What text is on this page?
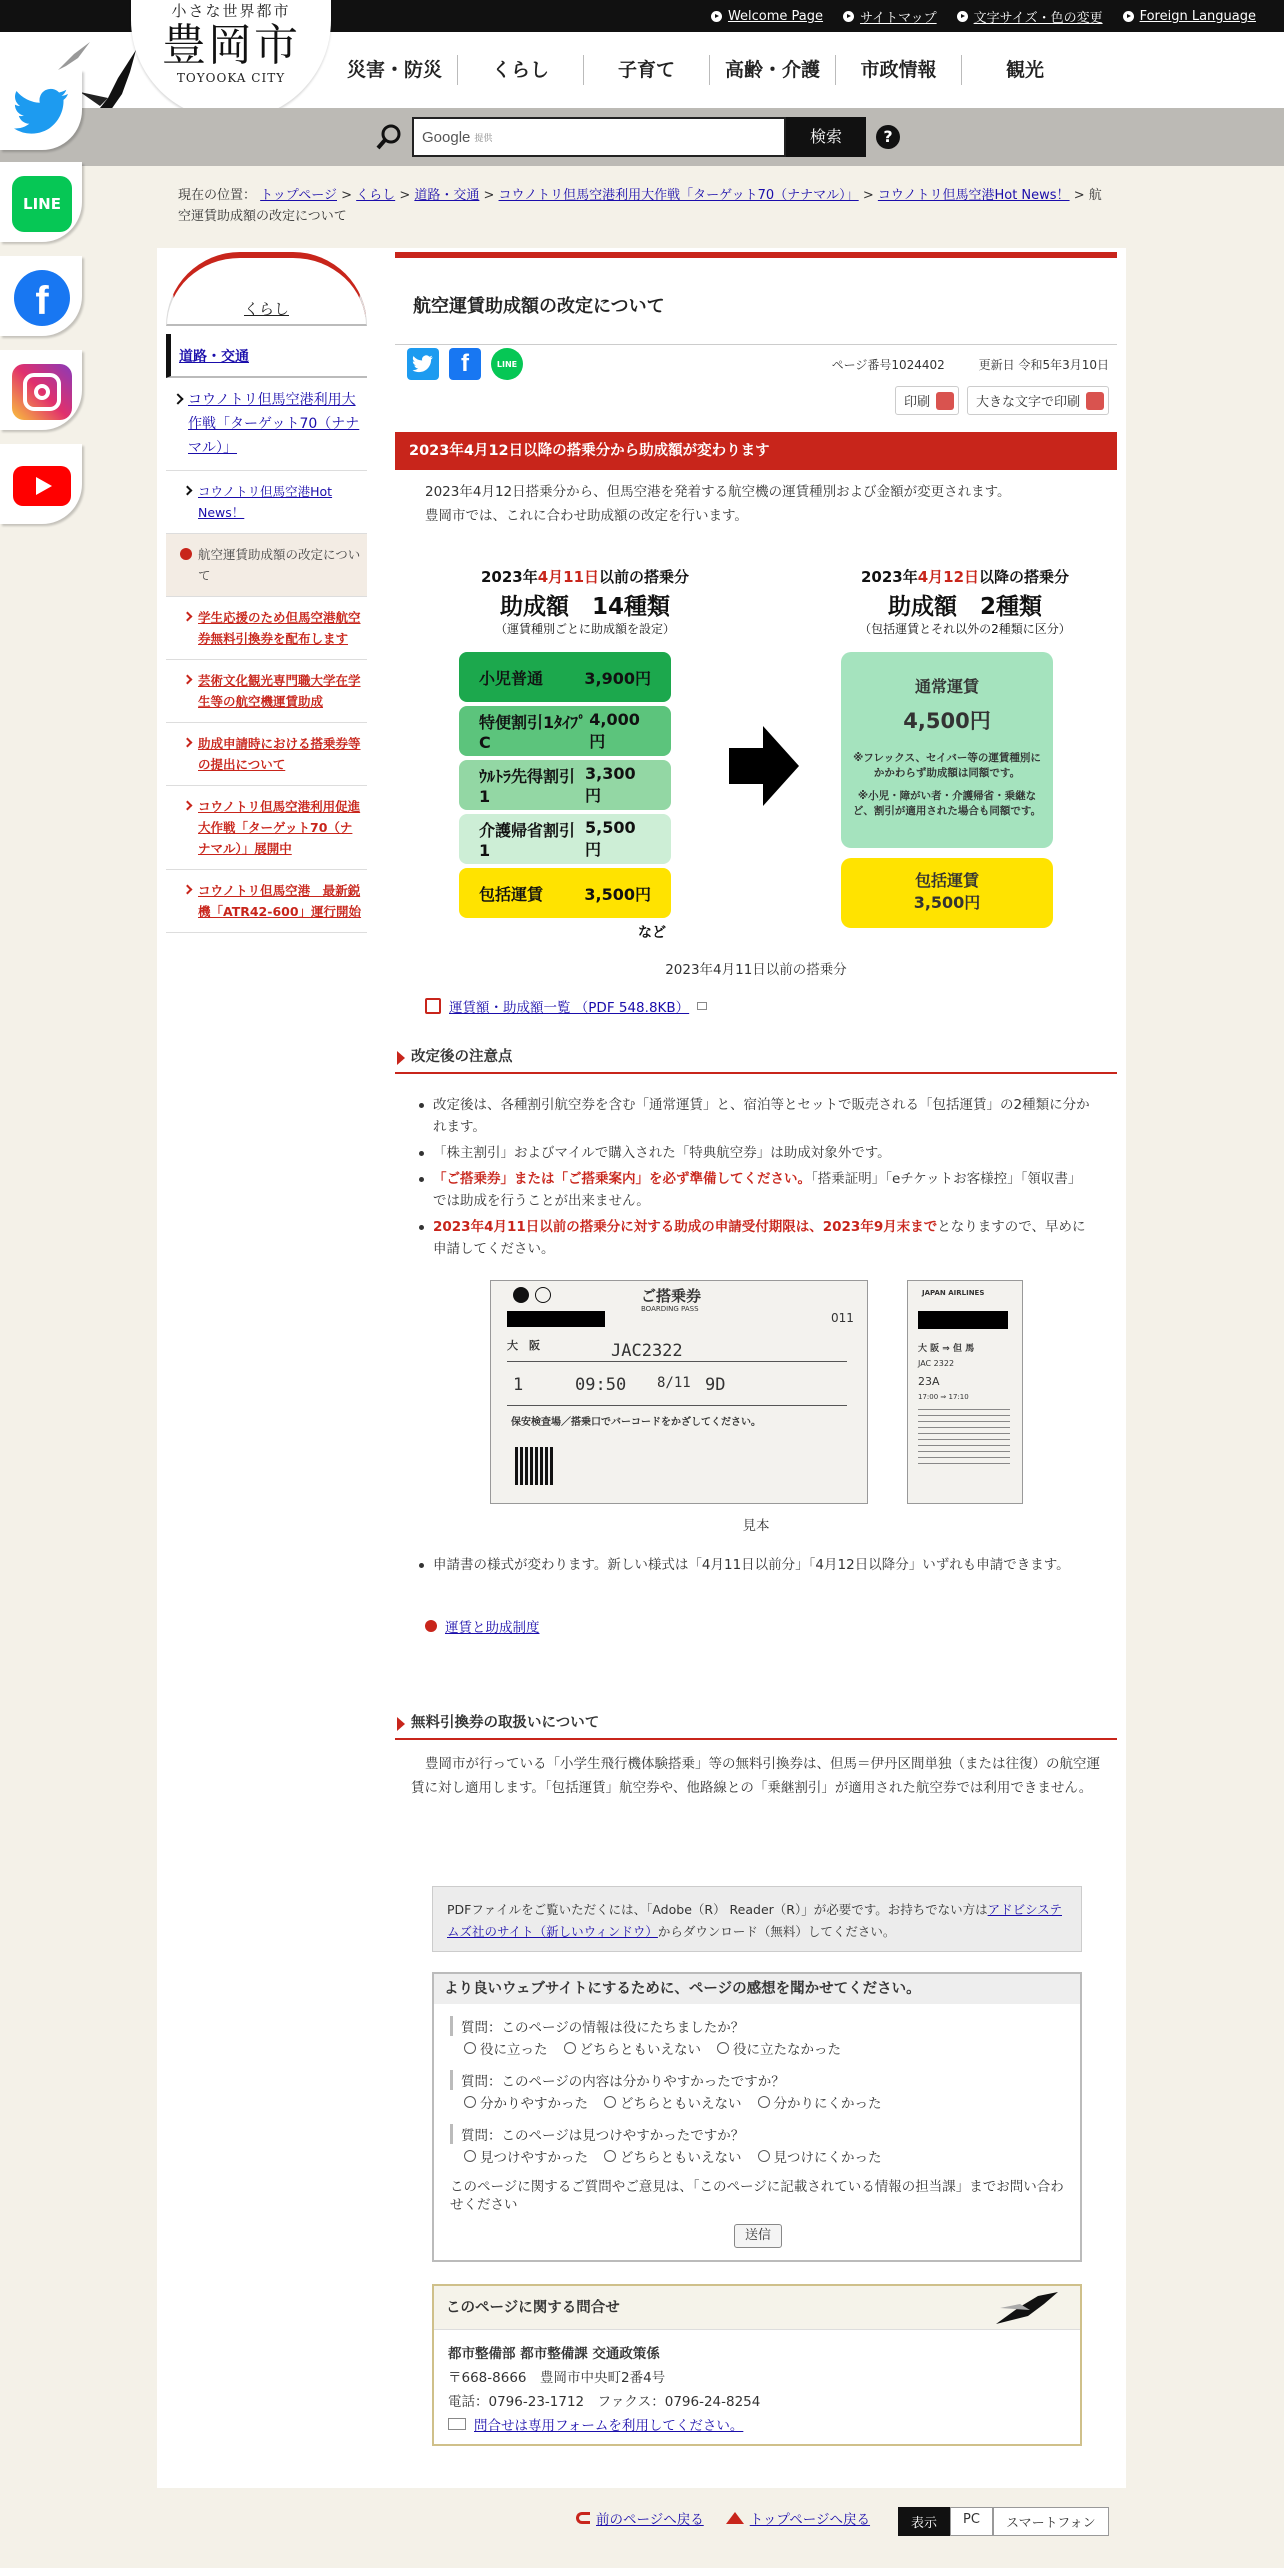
Welcome Page	サイトマップ	文字サイズ・色の変更	Foreign Language
小さな世界都市
豊岡市
TOYOOKA CITY	災害・防災	くらし	子育て	高齢・介護	市政情報	観光
Google 提供	検索	?
LINE
f
現在の位置： トップページ > くらし > 道路・交通 > コウノトリ但馬空港利用大作戦「ターゲット70（ナナマル）」 > コウノトリ但馬空港Hot News！ > 航空運賃助成額の改定について
くらし
道路・交通
コウノトリ但馬空港利用大作戦「ターゲット70（ナナマル）」
コウノトリ但馬空港Hot News！
航空運賃助成額の改定について
学生応援のため但馬空港航空券無料引換券を配布します
芸術文化観光専門職大学在学生等の航空機運賃助成
助成申請時における搭乗券等の提出について
コウノトリ但馬空港利用促進大作戦「ターゲット70（ナナマル）」展開中
コウノトリ但馬空港　最新鋭機「ATR42-600」運行開始
航空運賃助成額の改定について
f	LINE	ページ番号1024402	更新日 令和5年3月10日
印刷	大きな文字で印刷
2023年4月12日以降の搭乗分から助成額が変わります
2023年4月12日搭乗分から、但馬空港を発着する航空機の運賃種別および金額が変更されます。
豊岡市では、これに合わせ助成額の改定を行います。
2023年4月11日以前の搭乗分
助成額　14種類
（運賃種別ごとに助成額を設定）
小児普通	3,900円
特便割引1ﾀｲﾌﾟC
4,000円
ｳﾙﾄﾗ先得割引1
3,300円
介護帰省割引1
5,500円
包括運賃	3,500円
など
2023年4月12日以降の搭乗分
助成額　2種類
（包括運賃とそれ以外の2種類に区分）
通常運賃
4,500円
※フレックス、セイバー等の運賃種別にかかわらず助成額は同額です。
※小児・障がい者・介護帰省・乗継など、割引が適用された場合も同額です。
包括運賃
3,500円
2023年4月11日以前の搭乗分
運賃額・助成額一覧 （PDF 548.8KB）
改定後の注意点
改定後は、各種割引航空券を含む「通常運賃」と、宿泊等とセットで販売される「包括運賃」の2種類に分かれます。
「株主割引」およびマイルで購入された「特典航空券」は助成対象外です。
「ご搭乗券」または「ご搭乗案内」を必ず準備してください。「搭乗証明」「eチケットお客様控」「領収書」では助成を行うことが出来ません。
2023年4月11日以前の搭乗分に対する助成の申請受付期限は、2023年9月末までとなりますので、早めに申請してください。
ご搭乗券
BOARDING PASS
011
大　阪	JAC2322
1	09:50 8/11 9D
保安検査場／搭乗口でバーコードをかざしてください。
JAPAN AIRLINES
大 阪 ⇒ 但 馬
JAC 2322
23A
17:00 ⇒ 17:10
見本
申請書の様式が変わります。新しい様式は「4月11日以前分」「4月12日以降分」いずれも申請できます。
運賃と助成制度
無料引換券の取扱いについて
豊岡市が行っている「小学生飛行機体験搭乗」等の無料引換券は、但馬＝伊丹区間単独（または往復）の航空運賃に対し適用します。「包括運賃」航空券や、他路線との「乗継割引」が適用された航空券では利用できません。
PDFファイルをご覧いただくには、「Adobe（R） Reader（R）」が必要です。お持ちでない方はアドビシステムズ社のサイト（新しいウィンドウ）からダウンロード（無料）してください。
より良いウェブサイトにするために、ページの感想を聞かせてください。
質問：このページの情報は役にたちましたか？
役に立った どちらともいえない 役に立たなかった
質問：このページの内容は分かりやすかったですか？
分かりやすかった どちらともいえない 分かりにくかった
質問：このページは見つけやすかったですか？
見つけやすかった どちらともいえない 見つけにくかった
このページに関するご質問やご意見は、「このページに記載されている情報の担当課」までお問い合わせください
送信
このページに関する問合せ
都市整備部 都市整備課 交通政策係
〒668-8666　豊岡市中央町2番4号
電話：0796-23-1712　ファクス：0796-24-8254
問合せは専用フォームを利用してください。
前のページへ戻る	トップページへ戻る	表示	PC	スマートフォン
